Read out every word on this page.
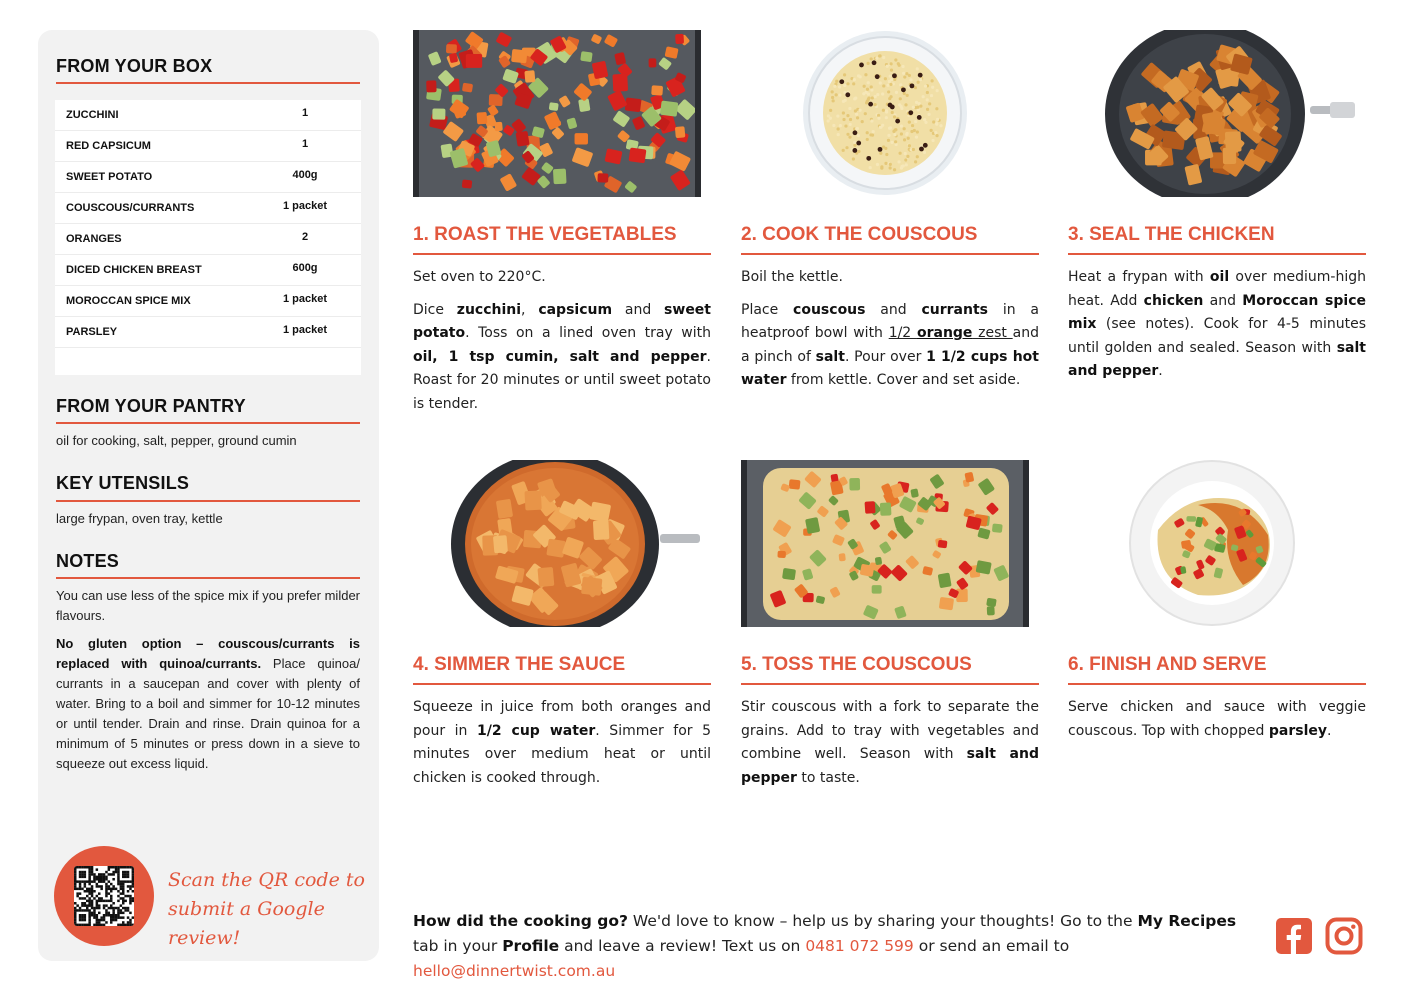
FROM YOUR BOX
ZUCCHINI	1
RED CAPSICUM	1
SWEET POTATO	400g
COUSCOUS/CURRANTS	1 packet
ORANGES	2
DICED CHICKEN BREAST	600g
MOROCCAN SPICE MIX	1 packet
PARSLEY	1 packet
FROM YOUR PANTRY
oil for cooking, salt, pepper, ground cumin
KEY UTENSILS
large frypan, oven tray, kettle
NOTES
You can use less of the spice mix if you prefer milder flavours.
No gluten option – couscous/currants is replaced with quinoa/currants. Place quinoa/ currants in a saucepan and cover with plenty of water. Bring to a boil and simmer for 10-12 minutes or until tender. Drain and rinse. Drain quinoa for a minimum of 5 minutes or press down in a sieve to squeeze out excess liquid.
Scan the QR code to
submit a Google review!
1. ROAST THE VEGETABLES

Set oven to 220°C.

Dice zucchini, capsicum and sweet potato. Toss on a lined oven tray with oil, 1 tsp cumin, salt and pepper. Roast for 20 minutes or until sweet potato is tender.

2. COOK THE COUSCOUS

Boil the kettle.

Place couscous and currants in a heatproof bowl with 1/2 orange zest and a pinch of salt. Pour over 1 1/2 cups hot water from kettle. Cover and set aside.

3. SEAL THE CHICKEN

Heat a frypan with oil over medium-high heat. Add chicken and Moroccan spice mix (see notes). Cook for 4-5 minutes until golden and sealed. Season with salt and pepper.

4. SIMMER THE SAUCE

Squeeze in juice from both oranges and pour in 1/2 cup water. Simmer for 5 minutes over medium heat or until chicken is cooked through.

5. TOSS THE COUSCOUS

Stir couscous with a fork to separate the grains. Add to tray with vegetables and combine well. Season with salt and pepper to taste.

6. FINISH AND SERVE

Serve chicken and sauce with veggie couscous. Top with chopped parsley.

How did the cooking go? We'd love to know – help us by sharing your thoughts! Go to the My Recipes tab in your Profile and leave a review! Text us on 0481 072 599 or send an email to hello@dinnertwist.com.au
